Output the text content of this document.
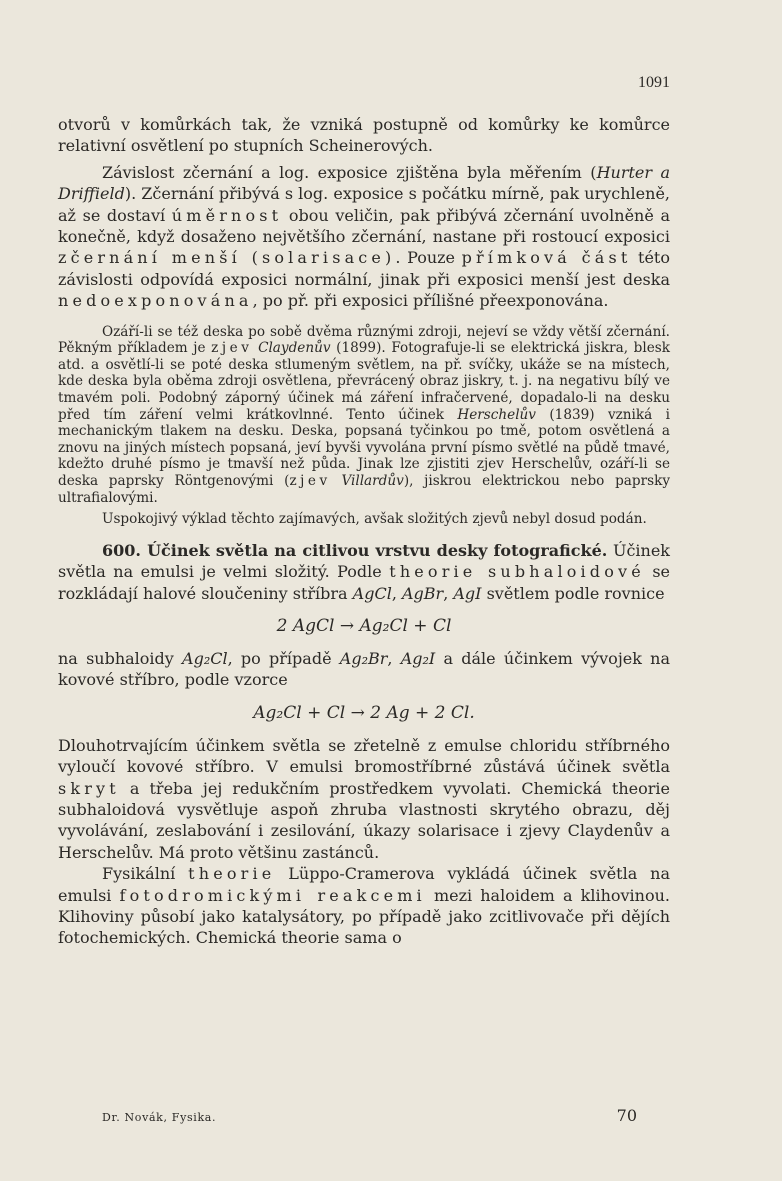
1091

otvorů v komůrkách tak, že vzniká postupně od komůrky ke komůrce relativní osvětlení po stupních Scheinerových.

Závislost zčernání a log. exposice zjištěna byla měřením (Hurter a Driffield). Zčernání přibývá s log. exposice s počátku mírně, pak urychleně, až se dostaví úměrnost obou veličin, pak přibývá zčernání uvolněně a konečně, když dosaženo největšího zčernání, nastane při rostoucí exposici zčernání menší (solarisace). Pouze přímková část této závislosti odpovídá exposici normální, jinak při exposici menší jest deska nedoexponována, po př. při exposici přílišné přeexponována.

Ozáří-li se též deska po sobě dvěma různými zdroji, nejeví se vždy větší zčernání. Pěkným příkladem je zjev Claydenův (1899). Fotografuje-li se elektrická jiskra, blesk atd. a osvětlí-li se poté deska stlumeným světlem, na př. svíčky, ukáže se na místech, kde deska byla oběma zdroji osvětlena, převrácený obraz jiskry, t. j. na negativu bílý ve tmavém poli. Podobný záporný účinek má záření infračervené, dopadalo-li na desku před tím záření velmi krátkovlnné. Tento účinek Herschelův (1839) vzniká i mechanickým tlakem na desku. Deska, popsaná tyčinkou po tmě, potom osvětlená a znovu na jiných místech popsaná, jeví byvši vyvolána první písmo světlé na půdě tmavé, kdežto druhé písmo je tmavší než půda. Jinak lze zjistiti zjev Herschelův, ozáří-li se deska paprsky Röntgenovými (zjev Villardův), jiskrou elektrickou nebo paprsky ultrafialovými.

Uspokojivý výklad těchto zajímavých, avšak složitých zjevů nebyl dosud podán.

600. Účinek světla na citlivou vrstvu desky fotografické. Účinek světla na emulsi je velmi složitý. Podle theorie subhaloidové se rozkládají halové sloučeniny stříbra AgCl, AgBr, AgI světlem podle rovnice

2 AgCl → Ag₂Cl + Cl

na subhaloidy Ag₂Cl, po případě Ag₂Br, Ag₂I a dále účinkem vývojek na kovové stříbro, podle vzorce

Ag₂Cl + Cl → 2 Ag + 2 Cl.

Dlouhotrvajícím účinkem světla se zřetelně z emulse chloridu stříbrného vyloučí kovové stříbro. V emulsi bromostříbrné zůstává účinek světla skryt a třeba jej redukčním prostředkem vyvolati. Chemická theorie subhaloidová vysvětluje aspoň zhruba vlastnosti skrytého obrazu, děj vyvolávání, zeslabování i zesilování, úkazy solarisace i zjevy Claydenův a Herschelův. Má proto většinu zastánců.

Fysikální theorie Lüppo-Cramerova vykládá účinek světla na emulsi fotodromickými reakcemi mezi haloidem a klihovinou. Klihoviny působí jako katalysátory, po případě jako zcitlivovače při dějích fotochemických. Chemická theorie sama o

Dr. Novák, Fysika.	70
